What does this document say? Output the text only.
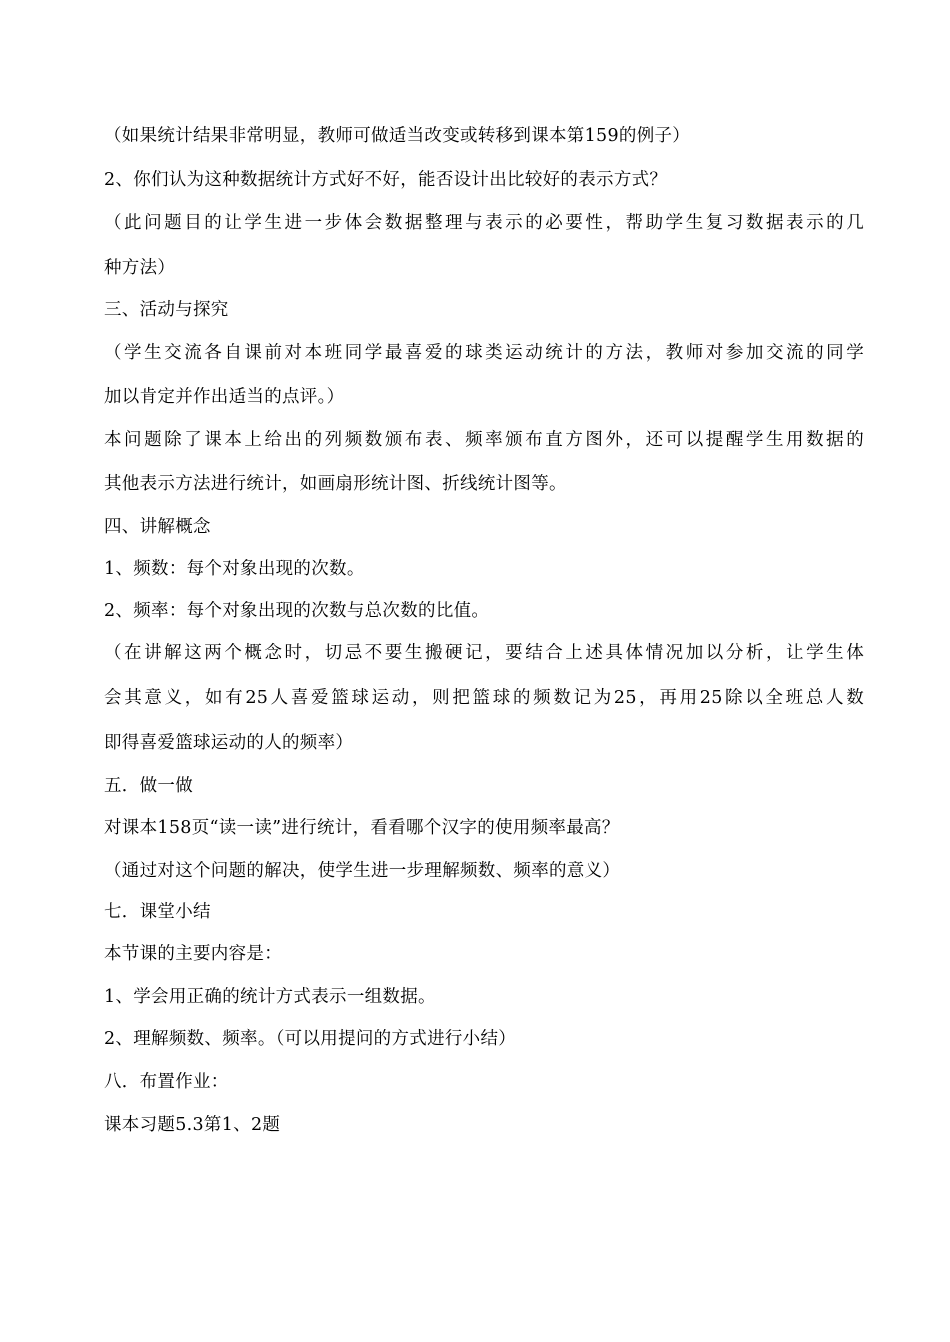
（如果统计结果非常明显，教师可做适当改变或转移到课本第159的例子）
2、你们认为这种数据统计方式好不好，能否设计出比较好的表示方式？
（此问题目的让学生进一步体会数据整理与表示的必要性，帮助学生复习数据表示的几
种方法）
三、活动与探究
（学生交流各自课前对本班同学最喜爱的球类运动统计的方法，教师对参加交流的同学
加以肯定并作出适当的点评。）
本问题除了课本上给出的列频数颁布表、频率颁布直方图外，还可以提醒学生用数据的
其他表示方法进行统计，如画扇形统计图、折线统计图等。
四、讲解概念
1、频数：每个对象出现的次数。
2、频率：每个对象出现的次数与总次数的比值。
（在讲解这两个概念时，切忌不要生搬硬记，要结合上述具体情况加以分析，让学生体
会其意义，如有25人喜爱篮球运动，则把篮球的频数记为25，再用25除以全班总人数
即得喜爱篮球运动的人的频率）
五．做一做
对课本158页“读一读”进行统计，看看哪个汉字的使用频率最高？
（通过对这个问题的解决，使学生进一步理解频数、频率的意义）
七．课堂小结
本节课的主要内容是：
1、学会用正确的统计方式表示一组数据。
2、理解频数、频率。（可以用提问的方式进行小结）
八．布置作业：
课本习题5.3第1、2题
